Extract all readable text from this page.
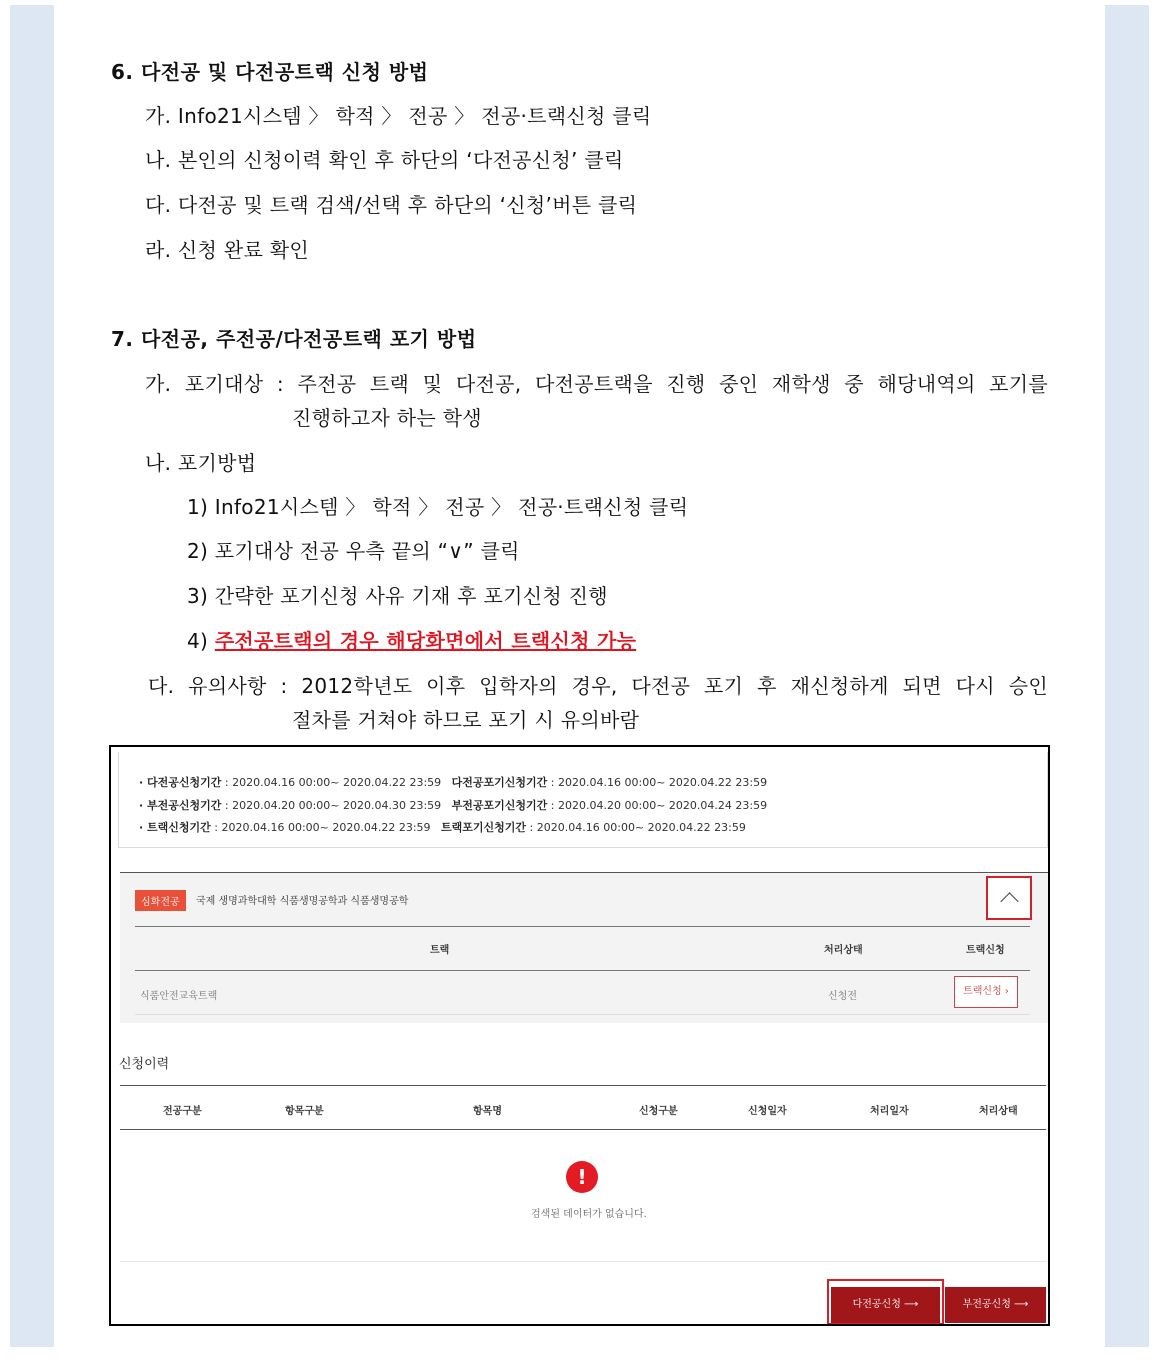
6. 다전공 및 다전공트랙 신청 방법
가. Info21시스템 〉 학적 〉 전공 〉 전공·트랙신청 클릭
나. 본인의 신청이력 확인 후 하단의 ‘다전공신청’ 클릭
다. 다전공 및 트랙 검색/선택 후 하단의 ‘신청’버튼 클릭
라. 신청 완료 확인
7. 다전공, 주전공/다전공트랙 포기 방법
가. 포기대상 : 주전공 트랙 및 다전공, 다전공트랙을 진행 중인 재학생 중 해당내역의 포기를
진행하고자 하는 학생
나. 포기방법
1) Info21시스템 〉 학적 〉 전공 〉 전공·트랙신청 클릭
2) 포기대상 전공 우측 끝의 “∨” 클릭
3) 간략한 포기신청 사유 기재 후 포기신청 진행
4) 주전공트랙의 경우 해당화면에서 트랙신청 가능
다. 유의사항 : 2012학년도 이후 입학자의 경우, 다전공 포기 후 재신청하게 되면 다시 승인
절차를 거쳐야 하므로 포기 시 유의바람
· 다전공신청기간 : 2020.04.16 00:00~ 2020.04.22 23:59 다전공포기신청기간 : 2020.04.16 00:00~ 2020.04.22 23:59
· 부전공신청기간 : 2020.04.20 00:00~ 2020.04.30 23:59 부전공포기신청기간 : 2020.04.20 00:00~ 2020.04.24 23:59
· 트랙신청기간 : 2020.04.16 00:00~ 2020.04.22 23:59 트랙포기신청기간 : 2020.04.16 00:00~ 2020.04.22 23:59
심화전공	국제 생명과학대학 식품생명공학과 식품생명공학
트랙	처리상태	트랙신청
식품안전교육트랙	신청전	트랙신청 ›
신청이력
전공구분	항목구분	항목명	신청구분	신청일자	처리일자	처리상태
!
검색된 데이터가 없습니다.
다전공신청 ⟶	부전공신청 ⟶
